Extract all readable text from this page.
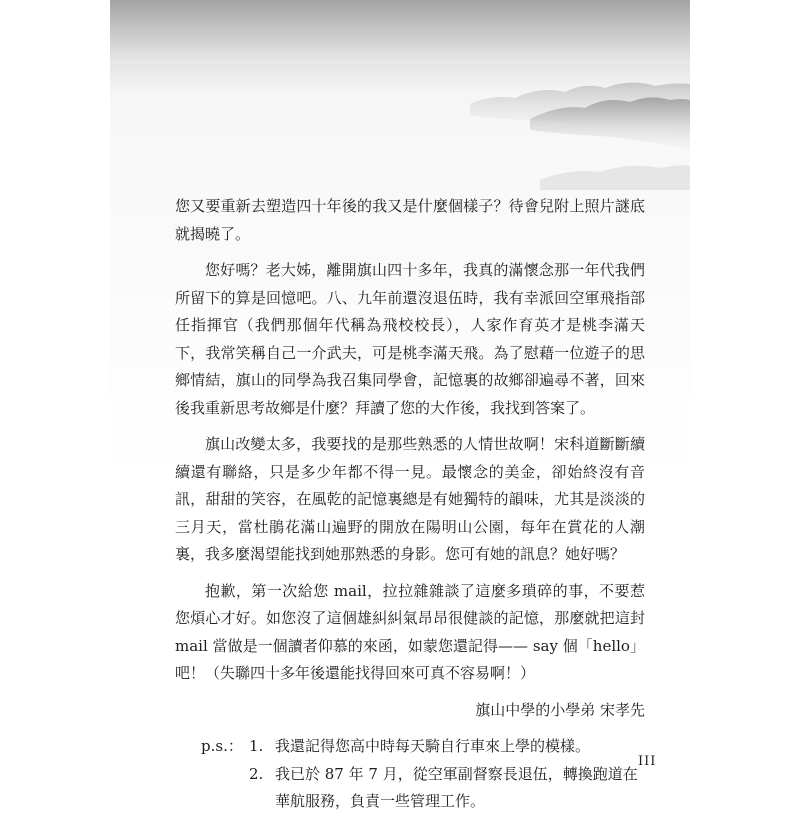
您又要重新去塑造四十年後的我又是什麼個樣子？待會兒附上照片謎底就揭曉了。

您好嗎？老大姊，離開旗山四十多年，我真的滿懷念那一年代我們所留下的算是回憶吧。八、九年前還沒退伍時，我有幸派回空軍飛指部任指揮官（我們那個年代稱為飛校校長），人家作育英才是桃李滿天下，我常笑稱自己一介武夫，可是桃李滿天飛。為了慰藉一位遊子的思鄉情結，旗山的同學為我召集同學會，記憶裏的故鄉卻遍尋不著，回來後我重新思考故鄉是什麼？拜讀了您的大作後，我找到答案了。

旗山改變太多，我要找的是那些熟悉的人情世故啊！宋科道斷斷續續還有聯絡，只是多少年都不得一見。最懷念的美金，卻始終沒有音訊，甜甜的笑容，在風乾的記憶裏總是有她獨特的韻味，尤其是淡淡的三月天，當杜鵑花滿山遍野的開放在陽明山公園，每年在賞花的人潮裏，我多麼渴望能找到她那熟悉的身影。您可有她的訊息？她好嗎？

抱歉，第一次給您 mail，拉拉雜雜談了這麼多瑣碎的事，不要惹您煩心才好。如您沒了這個雄糾糾氣昂昂很健談的記憶，那麼就把這封 mail 當做是一個讀者仰慕的來函，如蒙您還記得—— say 個「hello」吧！（失聯四十多年後還能找得回來可真不容易啊！）

旗山中學的小學弟 宋孝先

p.s.： 1. 我還記得您高中時每天騎自行車來上學的模樣。
2. 我已於 87 年 7 月，從空軍副督察長退伍，轉換跑道在華航服務，負責一些管理工作。
III
